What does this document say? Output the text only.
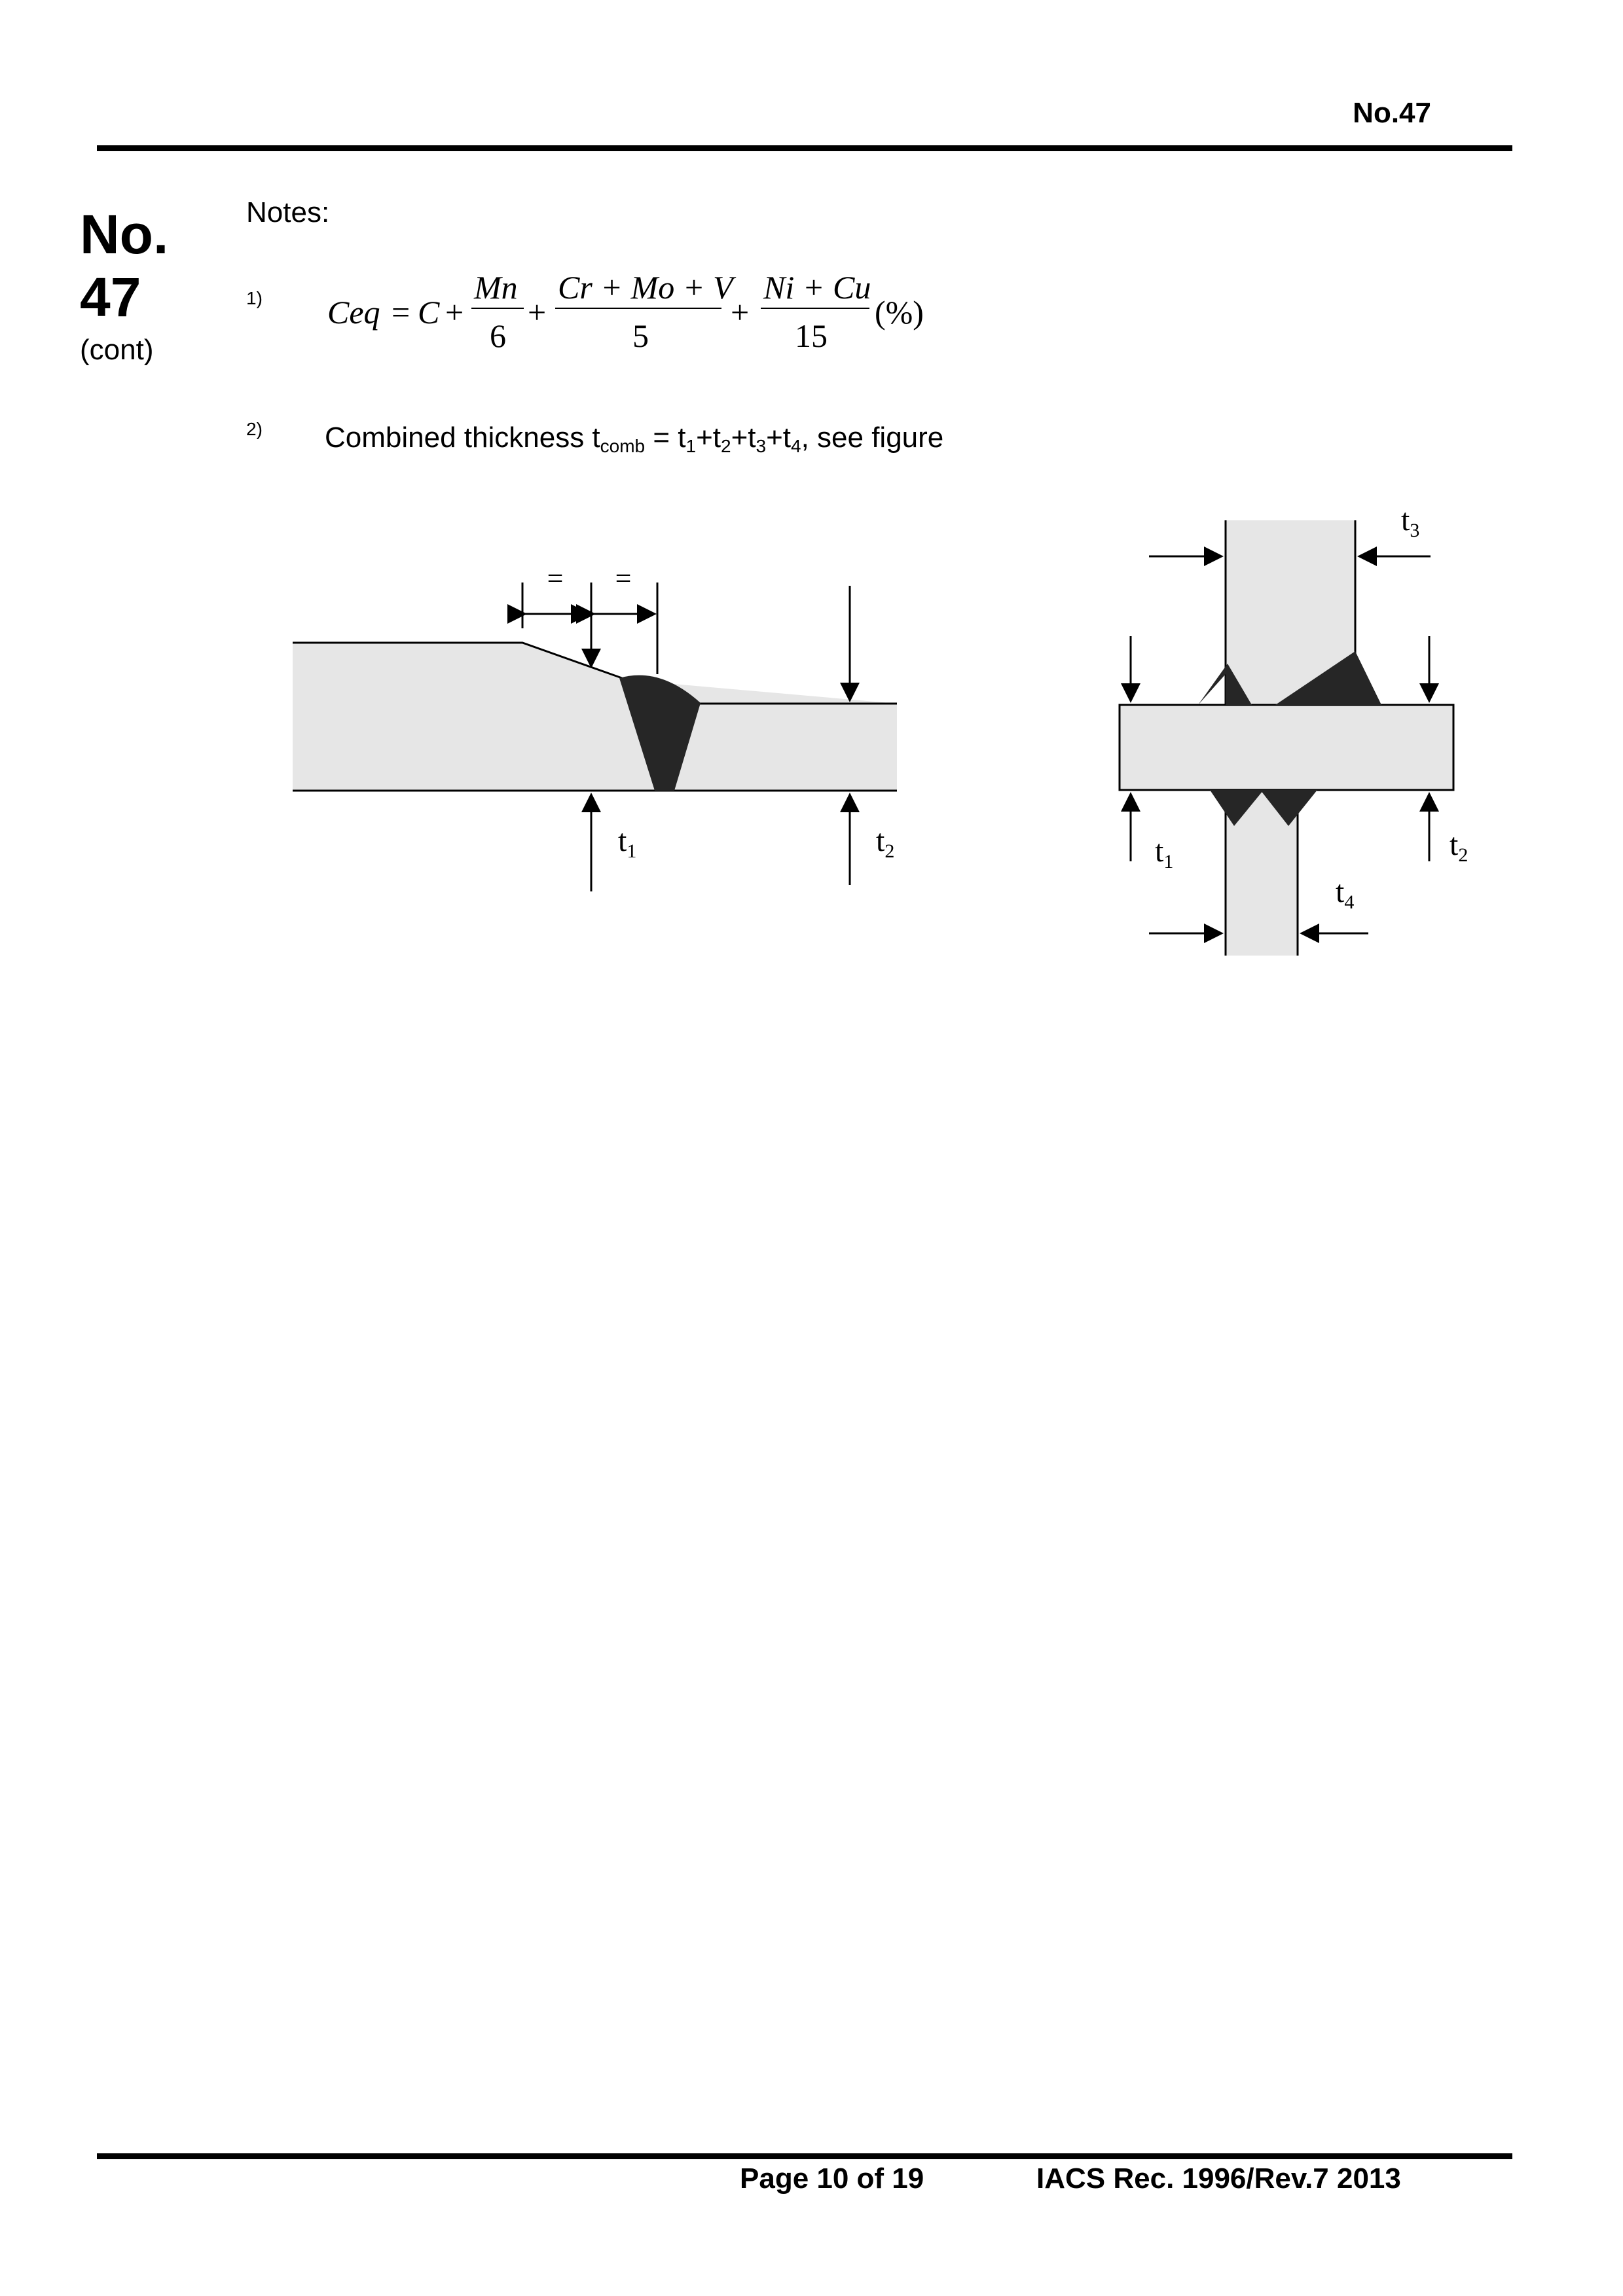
No.47
No.
47
(cont)
Notes:
1) Ceq = C +
Mn
6
+
Cr + Mo + V
5
+
Ni + Cu
15
(%)
2) Combined thickness $t_{comb} = t_1+t_2+t_3+t_4$, see figure
= =
$t_1$	$t_2$
$t_3$
$t_1$	$t_2$
$t_4$
Page 10 of 19	IACS Rec. 1996/Rev.7 2013
